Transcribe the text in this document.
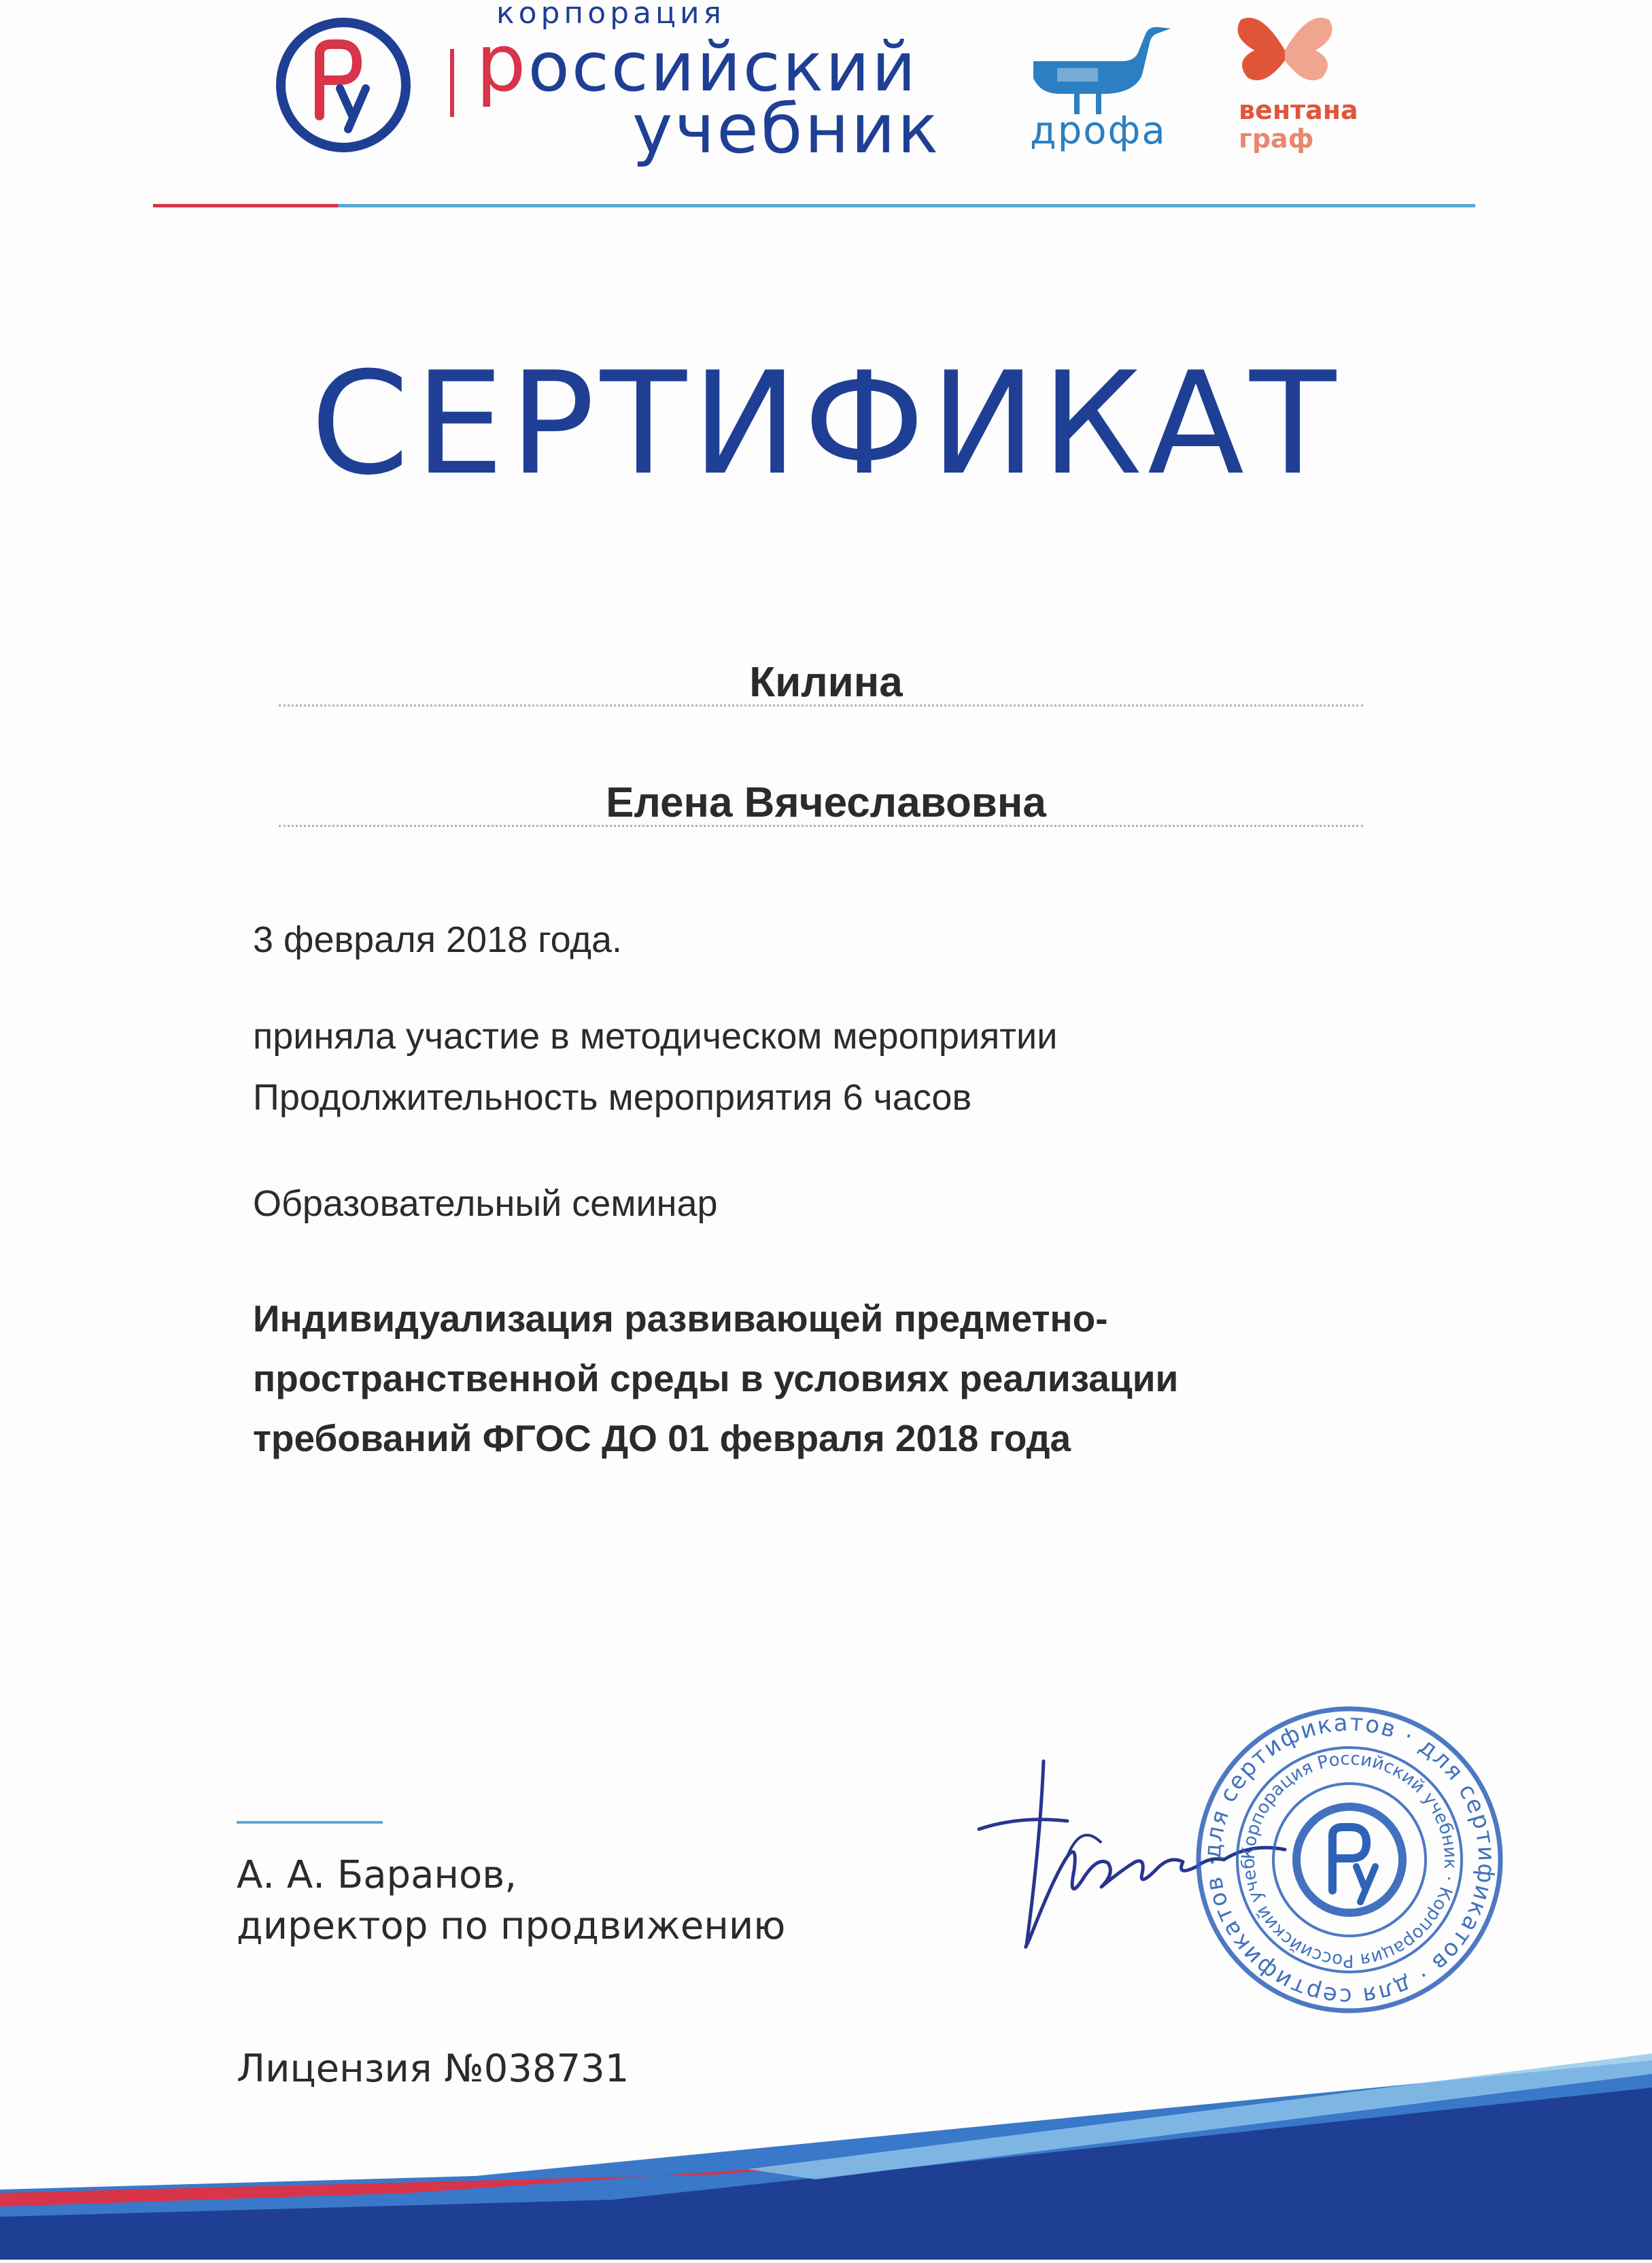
корпорация
российский
учебник дрофа	вентана
граф
СЕРТИФИКАТ
Килина
Елена Вячеславовна
3 февраля 2018 года.
приняла участие в методическом мероприятии
Продолжительность мероприятия 6 часов
Образовательный семинар
Индивидуализация развивающей предметно-
пространственной среды в условиях реализации
требований ФГОС ДО 01 февраля 2018 года
А. А. Баранов,
директор по продвижению
Лицензия №038731
для сертификатов · для сертификатов · для сертификатов ·
Корпорация Российский учебник · Корпорация Российский учеб
